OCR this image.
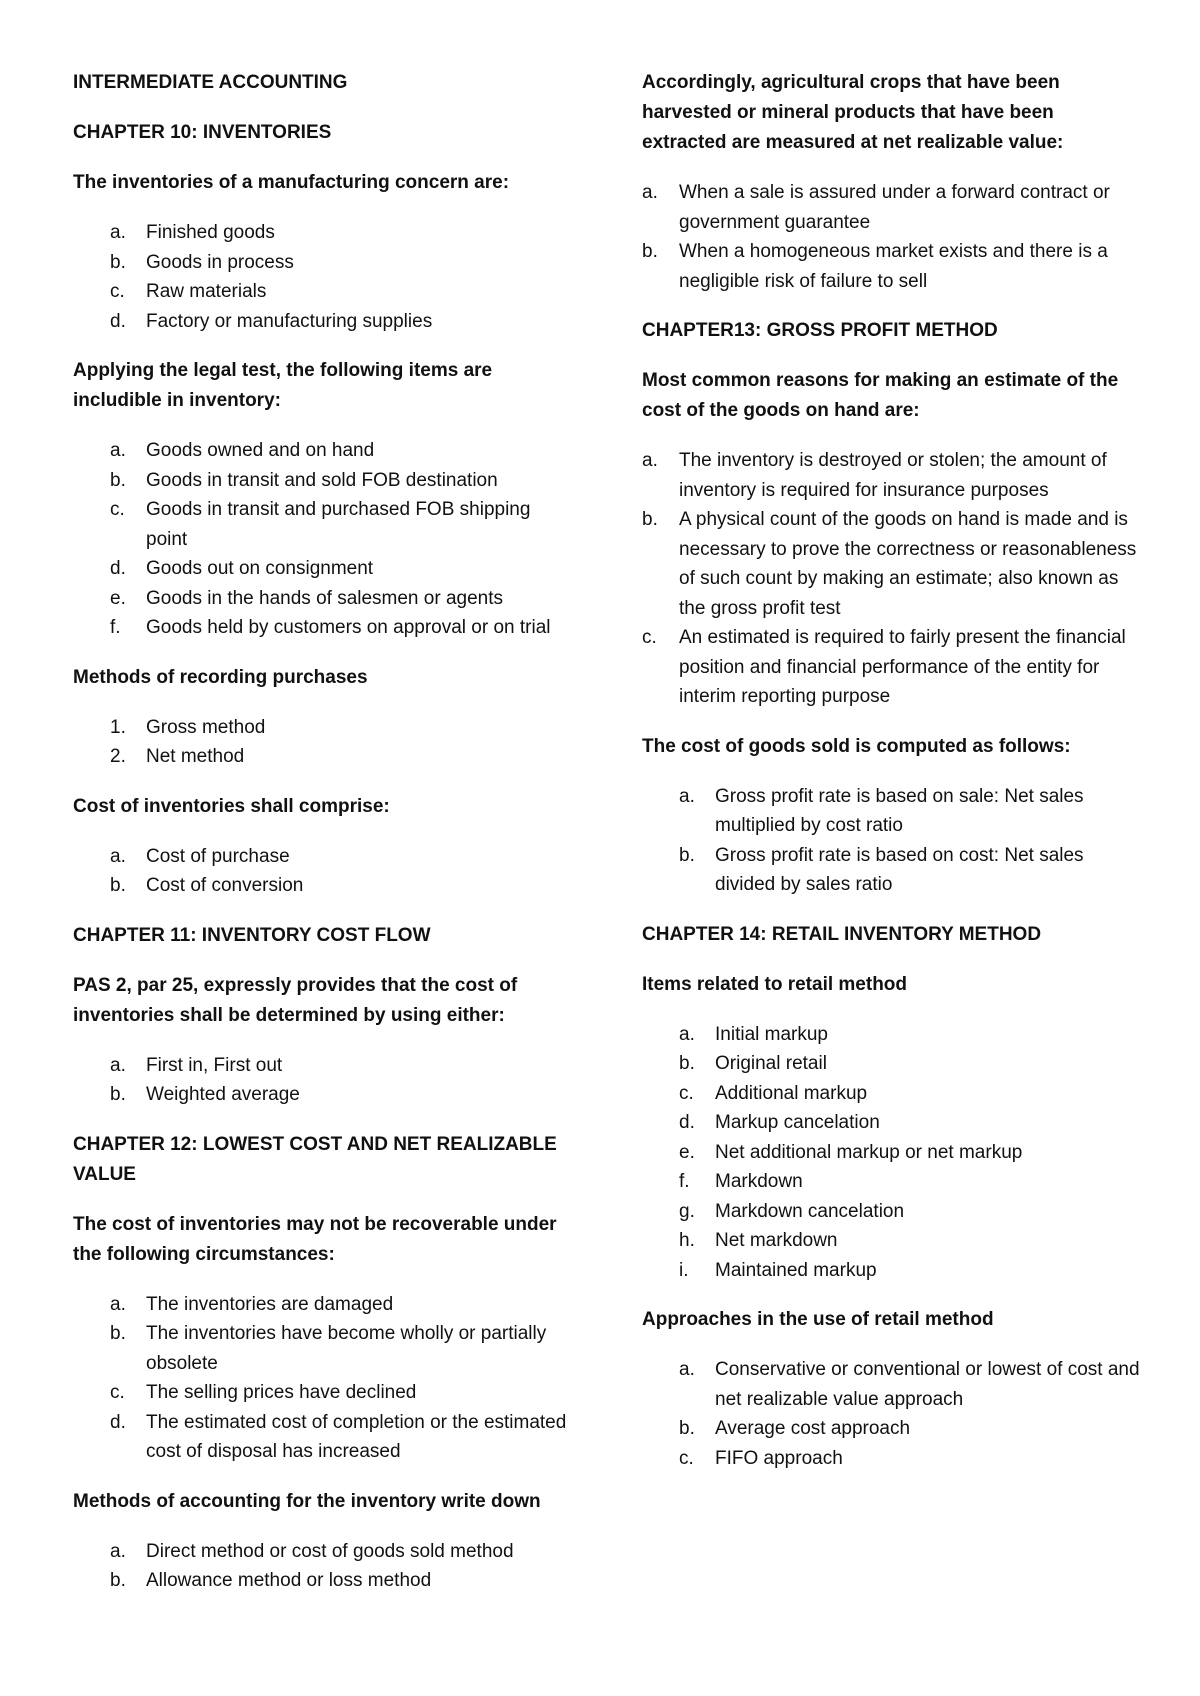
INTERMEDIATE ACCOUNTING
CHAPTER 10: INVENTORIES
The inventories of a manufacturing concern are:
a. Finished goods
b. Goods in process
c. Raw materials
d. Factory or manufacturing supplies
Applying the legal test, the following items are includible in inventory:
a. Goods owned and on hand
b. Goods in transit and sold FOB destination
c. Goods in transit and purchased FOB shipping point
d. Goods out on consignment
e. Goods in the hands of salesmen or agents
f. Goods held by customers on approval or on trial
Methods of recording purchases
1. Gross method
2. Net method
Cost of inventories shall comprise:
a. Cost of purchase
b. Cost of conversion
CHAPTER 11: INVENTORY COST FLOW
PAS 2, par 25, expressly provides that the cost of inventories shall be determined by using either:
a. First in, First out
b. Weighted average
CHAPTER 12: LOWEST COST AND NET REALIZABLE VALUE
The cost of inventories may not be recoverable under the following circumstances:
a. The inventories are damaged
b. The inventories have become wholly or partially obsolete
c. The selling prices have declined
d. The estimated cost of completion or the estimated cost of disposal has increased
Methods of accounting for the inventory write down
a. Direct method or cost of goods sold method
b. Allowance method or loss method
Accordingly, agricultural crops that have been harvested or mineral products that have been extracted are measured at net realizable value:
a. When a sale is assured under a forward contract or government guarantee
b. When a homogeneous market exists and there is a negligible risk of failure to sell
CHAPTER13: GROSS PROFIT METHOD
Most common reasons for making an estimate of the cost of the goods on hand are:
a. The inventory is destroyed or stolen; the amount of inventory is required for insurance purposes
b. A physical count of the goods on hand is made and is necessary to prove the correctness or reasonableness of such count by making an estimate; also known as the gross profit test
c. An estimated is required to fairly present the financial position and financial performance of the entity for interim reporting purpose
The cost of goods sold is computed as follows:
a. Gross profit rate is based on sale: Net sales multiplied by cost ratio
b. Gross profit rate is based on cost: Net sales divided by sales ratio
CHAPTER 14: RETAIL INVENTORY METHOD
Items related to retail method
a. Initial markup
b. Original retail
c. Additional markup
d. Markup cancelation
e. Net additional markup or net markup
f. Markdown
g. Markdown cancelation
h. Net markdown
i. Maintained markup
Approaches in the use of retail method
a. Conservative or conventional or lowest of cost and net realizable value approach
b. Average cost approach
c. FIFO approach
